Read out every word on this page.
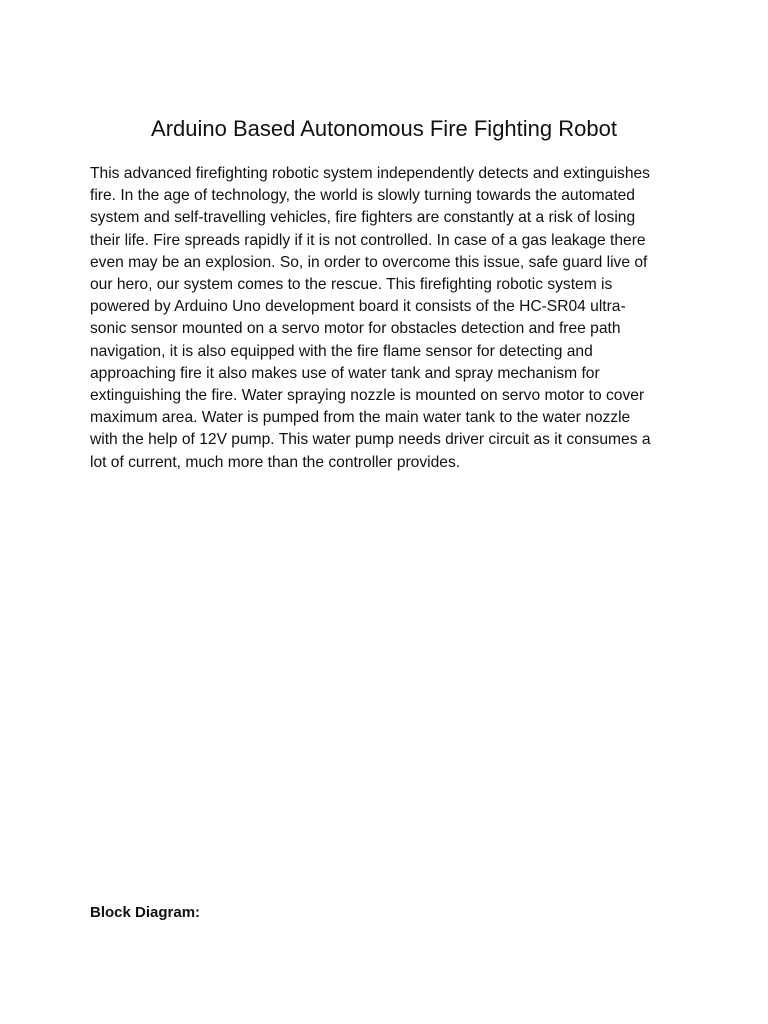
Arduino Based Autonomous Fire Fighting Robot

This advanced firefighting robotic system independently detects and extinguishes
fire. In the age of technology, the world is slowly turning towards the automated
system and self-travelling vehicles, fire fighters are constantly at a risk of losing
their life. Fire spreads rapidly if it is not controlled. In case of a gas leakage there
even may be an explosion. So, in order to overcome this issue, safe guard live of
our hero, our system comes to the rescue. This firefighting robotic system is
powered by Arduino Uno development board it consists of the HC-SR04 ultra-
sonic sensor mounted on a servo motor for obstacles detection and free path
navigation, it is also equipped with the fire flame sensor for detecting and
approaching fire it also makes use of water tank and spray mechanism for
extinguishing the fire. Water spraying nozzle is mounted on servo motor to cover
maximum area. Water is pumped from the main water tank to the water nozzle
with the help of 12V pump. This water pump needs driver circuit as it consumes a
lot of current, much more than the controller provides.

Block Diagram:
